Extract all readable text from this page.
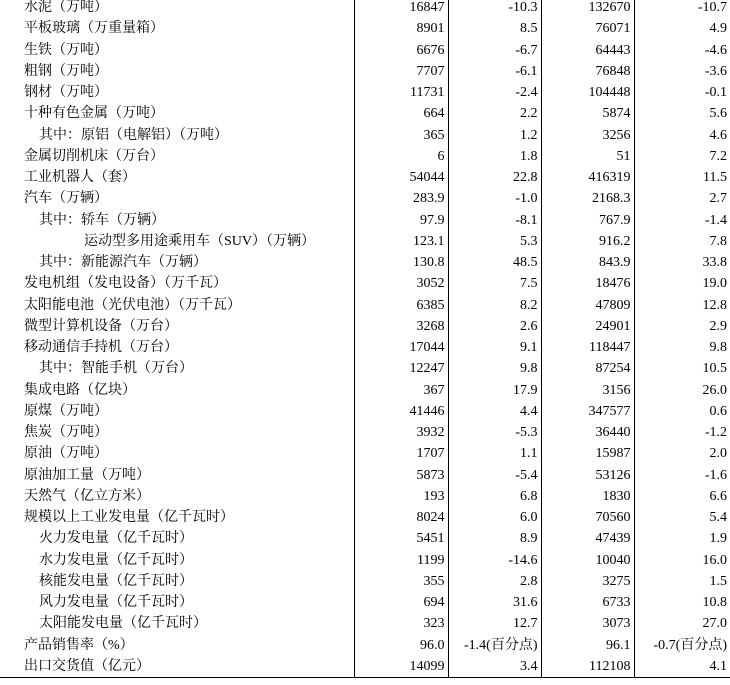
水泥（万吨）	16847	-10.3	132670	-10.7
平板玻璃（万重量箱）	8901	8.5	76071	4.9
生铁（万吨）	6676	-6.7	64443	-4.6
粗钢（万吨）	7707	-6.1	76848	-3.6
钢材（万吨）	11731	-2.4	104448	-0.1
十种有色金属（万吨）	664	2.2	5874	5.6
其中：原铝（电解铝）（万吨）	365	1.2	3256	4.6
金属切削机床（万台）	6	1.8	51	7.2
工业机器人（套）	54044	22.8	416319	11.5
汽车（万辆）	283.9	-1.0	2168.3	2.7
其中：轿车（万辆）	97.9	-8.1	767.9	-1.4
运动型多用途乘用车（SUV）（万辆）	123.1	5.3	916.2	7.8
其中：新能源汽车（万辆）	130.8	48.5	843.9	33.8
发电机组（发电设备）（万千瓦）	3052	7.5	18476	19.0
太阳能电池（光伏电池）（万千瓦）	6385	8.2	47809	12.8
微型计算机设备（万台）	3268	2.6	24901	2.9
移动通信手持机（万台）	17044	9.1	118447	9.8
其中：智能手机（万台）	12247	9.8	87254	10.5
集成电路（亿块）	367	17.9	3156	26.0
原煤（万吨）	41446	4.4	347577	0.6
焦炭（万吨）	3932	-5.3	36440	-1.2
原油（万吨）	1707	1.1	15987	2.0
原油加工量（万吨）	5873	-5.4	53126	-1.6
天然气（亿立方米）	193	6.8	1830	6.6
规模以上工业发电量（亿千瓦时）	8024	6.0	70560	5.4
火力发电量（亿千瓦时）	5451	8.9	47439	1.9
水力发电量（亿千瓦时）	1199	-14.6	10040	16.0
核能发电量（亿千瓦时）	355	2.8	3275	1.5
风力发电量（亿千瓦时）	694	31.6	6733	10.8
太阳能发电量（亿千瓦时）	323	12.7	3073	27.0
产品销售率（%）	96.0	-1.4(百分点)	96.1	-0.7(百分点)
出口交货值（亿元）	14099	3.4	112108	4.1
